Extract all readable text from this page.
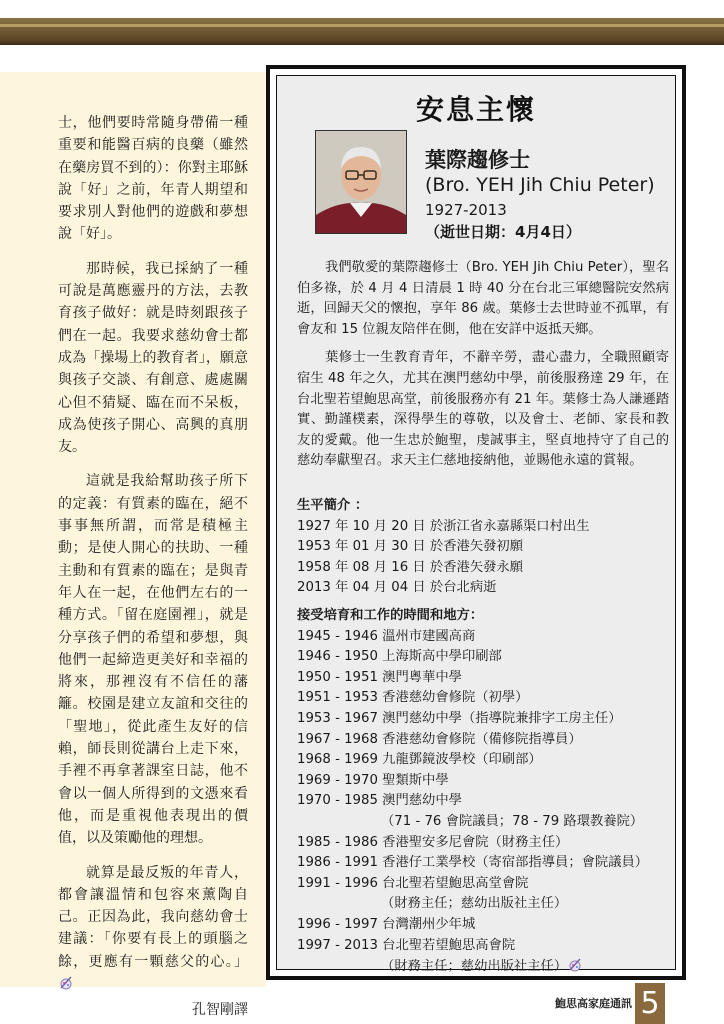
士，他們要時常隨身帶備一種重要和能醫百病的良藥（雖然在藥房買不到的）：你對主耶穌說「好」之前，年青人期望和要求別人對他們的遊戲和夢想說「好」。

那時候，我已採納了一種可說是萬應靈丹的方法，去教育孩子做好：就是時刻跟孩子們在一起。我要求慈幼會士都成為「操場上的教育者」，願意與孩子交談、有創意、處處關心但不猜疑、臨在而不呆板，成為使孩子開心、高興的真朋友。

這就是我給幫助孩子所下的定義：有質素的臨在，絕不事事無所謂，而常是積極主動；是使人開心的扶助、一種主動和有質素的臨在；是與青年人在一起，在他們左右的一種方式。「留在庭園裡」，就是分享孩子們的希望和夢想，與他們一起締造更美好和幸福的將來，那裡沒有不信任的藩籬。校園是建立友誼和交往的「聖地」，從此產生友好的信賴，師長則從講台上走下來，手裡不再拿著課室日誌，他不會以一個人所得到的文憑來看他，而是重視他表現出的價值，以及策勵他的理想。

就算是最反叛的年青人，都會讓溫情和包容來薰陶自己。正因為此，我向慈幼會士建議：「你要有長上的頭腦之餘，更應有一顆慈父的心。」

孔智剛譯
安息主懷
葉際趨修士
(Bro. YEH Jih Chiu Peter)
1927-2013
（逝世日期：4月4日）

我們敬愛的葉際趨修士（Bro. YEH Jih Chiu Peter），聖名伯多祿，於 4 月 4 日清晨 1 時 40 分在台北三軍總醫院安然病逝，回歸天父的懷抱，享年 86 歲。葉修士去世時並不孤單，有會友和 15 位親友陪伴在側，他在安詳中返抵天鄉。

葉修士一生教育青年，不辭辛勞，盡心盡力，全職照顧寄宿生 48 年之久，尤其在澳門慈幼中學，前後服務達 29 年，在台北聖若望鮑思高堂，前後服務亦有 21 年。葉修士為人謙遜踏實、勤謹樸素，深得學生的尊敬，以及會士、老師、家長和教友的愛戴。他一生忠於鮑聖，虔誠事主，堅貞地持守了自己的慈幼奉獻聖召。求天主仁慈地接納他，並賜他永遠的賞報。

生平簡介 ：
1927 年 10 月 20 日 於浙江省永嘉縣渠口村出生
1953 年 01 月 30 日 於香港矢發初願
1958 年 08 月 16 日 於香港矢發永願
2013 年 04 月 04 日 於台北病逝
接受培育和工作的時間和地方：
1945 - 1946 溫州市建國高商
1946 - 1950 上海斯高中學印刷部
1950 - 1951 澳門粵華中學
1951 - 1953 香港慈幼會修院（初學）
1953 - 1967 澳門慈幼中學（指導院兼排字工房主任）
1967 - 1968 香港慈幼會修院（備修院指導員）
1968 - 1969 九龍鄧鏡波學校（印刷部）
1969 - 1970 聖類斯中學
1970 - 1985 澳門慈幼中學
（71 - 76 會院議員；78 - 79 路環教養院）
1985 - 1986 香港聖安多尼會院（財務主任）
1986 - 1991 香港仔工業學校（寄宿部指導員；會院議員）
1991 - 1996 台北聖若望鮑思高堂會院
（財務主任；慈幼出版社主任）
1996 - 1997 台灣潮州少年城
1997 - 2013 台北聖若望鮑思高會院
（財務主任；慈幼出版社主任）
鮑思高家庭通訊 5
